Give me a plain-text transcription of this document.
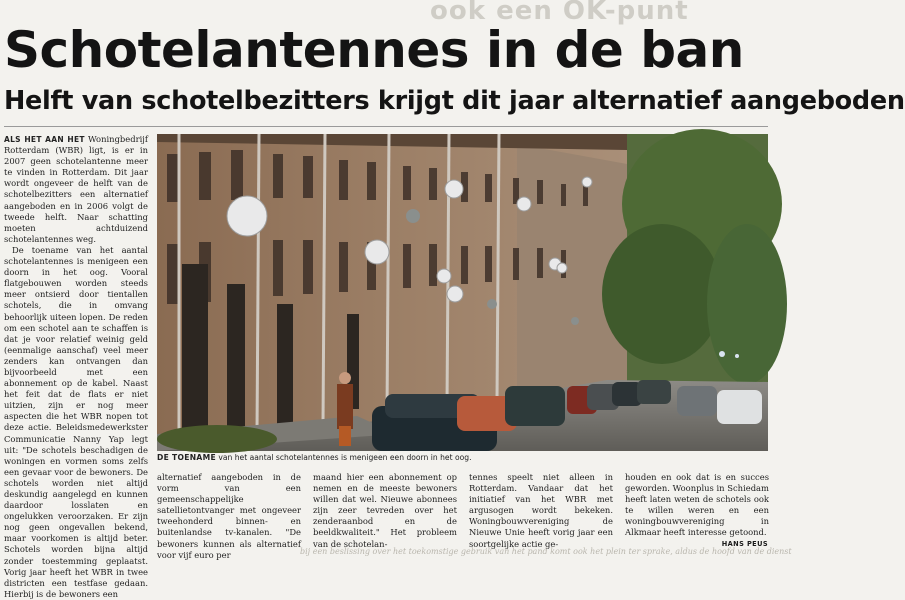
ook een OK-punt
Schotelantennes in de ban
Helft van schotelbezitters krijgt dit jaar alternatief aangeboden

ALS HET AAN HET Woningbedrijf Rotterdam (WBR) ligt, is er in 2007 geen schotelantenne meer te vinden in Rotterdam. Dit jaar wordt ongeveer de helft van de schotelbezitters een alternatief aangeboden en in 2006 volgt de tweede helft. Naar schatting moeten achtduizend schotelantennes weg.

De toename van het aantal schotelantennes is menigeen een doorn in het oog. Vooral flatgebouwen worden steeds meer ontsierd door tientallen schotels, die in omvang behoorlijk uiteen lopen. De reden om een schotel aan te schaffen is dat je voor relatief weinig geld (eenmalige aanschaf) veel meer zenders kan ontvangen dan bijvoorbeeld met een abonnement op de kabel. Naast het feit dat de flats er niet uitzien, zijn er nog meer aspecten die het WBR nopen tot deze actie. Beleidsmedewerkster Communicatie Nanny Yap legt uit: "De schotels beschadigen de woningen en vormen soms zelfs een gevaar voor de bewoners. De schotels worden niet altijd deskundig aangelegd en kunnen daardoor losslaten en ongelukken veroorzaken. Er zijn nog geen ongevallen bekend, maar voorkomen is altijd beter. Schotels worden bijna altijd zonder toestemming geplaatst. Vorig jaar heeft het WBR in twee districten een testfase gedaan. Hierbij is de bewoners een

DE TOENAME van het aantal schotelantennes is menigeen een doorn in het oog.

alternatief aangeboden in de vorm van een gemeenschappelijke satellietontvanger met ongeveer tweehonderd binnen- en buitenlandse tv-kanalen. "De bewoners kunnen als alternatief voor vijf euro per

maand hier een abonnement op nemen en de meeste bewoners willen dat wel. Nieuwe abonnees zijn zeer tevreden over het zenderaanbod en de beeldkwaliteit." Het probleem van de schotelan-

tennes speelt niet alleen in Rotterdam. Vandaar dat het initiatief van het WBR met argusogen wordt bekeken. Woningbouwvereniging de Nieuwe Unie heeft vorig jaar een soortgelijke actie ge-

houden en ook dat is en succes geworden. Woonplus in Schiedam heeft laten weten de schotels ook te willen weren en een woningbouwvereniging in Alkmaar heeft interesse getoond.

HANS PEUS
bij een beslissing over het toekomstige gebruik van het pand komt ook het plein ter sprake, aldus de hoofd van de dienst
